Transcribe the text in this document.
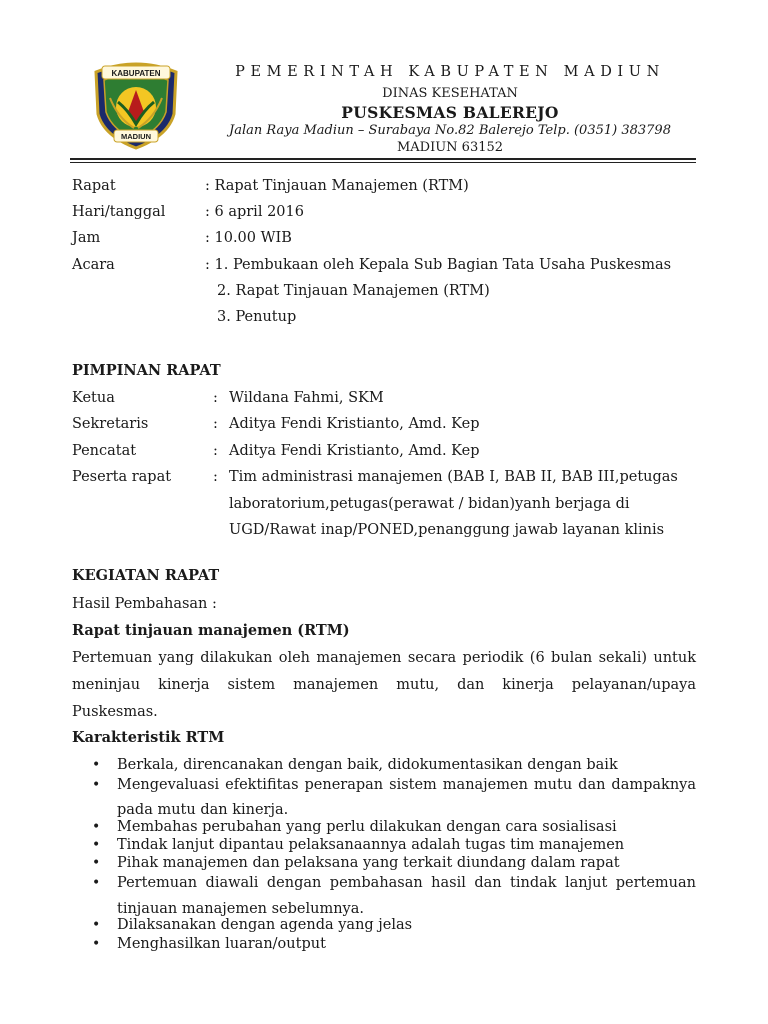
KABUPATEN
MADIUN
PEMERINTAH KABUPATEN MADIUN
DINAS KESEHATAN
PUSKESMAS BALEREJO
Jalan Raya Madiun – Surabaya No.82 Balerejo Telp. (0351) 383798
MADIUN 63152
Rapat	: Rapat Tinjauan Manajemen (RTM)
Hari/tanggal	: 6 april 2016
Jam	: 10.00 WIB
Acara	: 1. Pembukaan oleh Kepala Sub Bagian Tata Usaha Puskesmas
2. Rapat Tinjauan Manajemen (RTM)
3. Penutup
PIMPINAN RAPAT
Ketua	: Wildana Fahmi, SKM
Sekretaris	: Aditya Fendi Kristianto, Amd. Kep
Pencatat	: Aditya Fendi Kristianto, Amd. Kep
Peserta rapat	: Tim administrasi manajemen (BAB I, BAB II, BAB III,petugas
laboratorium,petugas(perawat / bidan)yanh berjaga di
UGD/Rawat inap/PONED,penanggung jawab layanan klinis
KEGIATAN RAPAT
Hasil Pembahasan :
Rapat tinjauan manajemen (RTM)
Pertemuan yang dilakukan oleh manajemen secara periodik (6 bulan sekali) untuk
meninjau kinerja sistem manajemen mutu, dan kinerja pelayanan/upaya
Puskesmas.
Karakteristik RTM
• Berkala, direncanakan dengan baik, didokumentasikan dengan baik
• Mengevaluasi efektifitas penerapan sistem manajemen mutu dan dampaknya
pada mutu dan kinerja.
• Membahas perubahan yang perlu dilakukan dengan cara sosialisasi
• Tindak lanjut dipantau pelaksanaannya adalah tugas tim manajemen
• Pihak manajemen dan pelaksana yang terkait diundang dalam rapat
• Pertemuan diawali dengan pembahasan hasil dan tindak lanjut pertemuan
tinjauan manajemen sebelumnya.
• Dilaksanakan dengan agenda yang jelas
• Menghasilkan luaran/output
